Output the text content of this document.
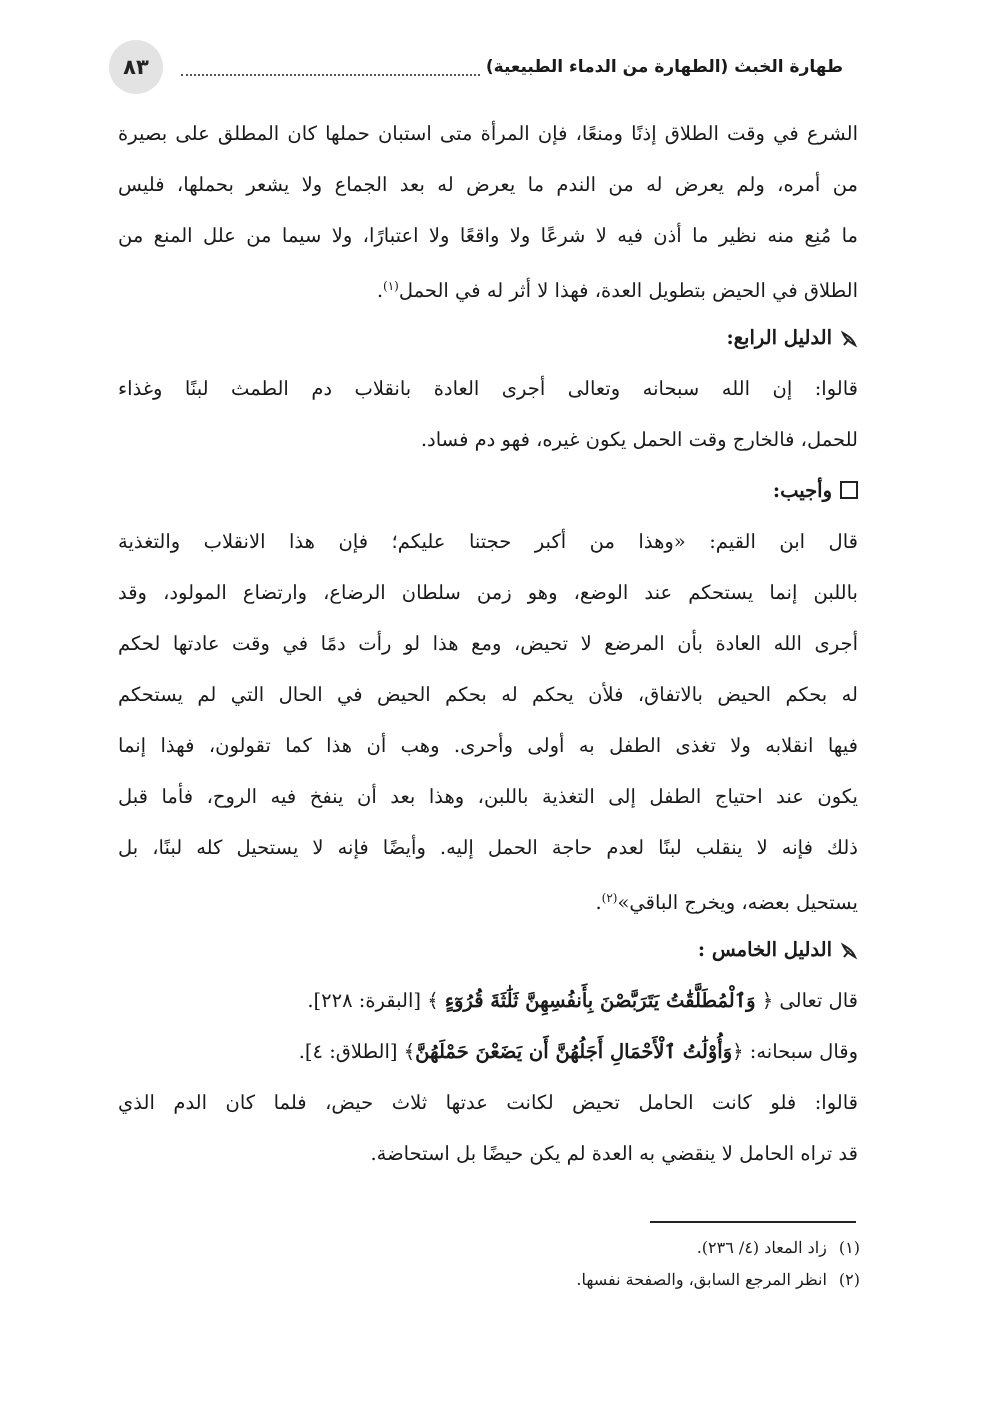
٨٣	طهارة الخبث (الطهارة من الدماء الطبيعية)
الشرع في وقت الطلاق إذنًا ومنعًا، فإن المرأة متى استبان حملها كان المطلق على بصيرة
من أمره، ولم يعرض له من الندم ما يعرض له بعد الجماع ولا يشعر بحملها، فليس
ما مُنِع منه نظير ما أذن فيه لا شرعًا ولا واقعًا ولا اعتبارًا، ولا سيما من علل المنع من
الطلاق في الحيض بتطويل العدة، فهذا لا أثر له في الحمل$^{(١)}$.
الدليل الرابع:
قالوا: إن الله سبحانه وتعالى أجرى العادة بانقلاب دم الطمث لبنًا وغذاء
للحمل، فالخارج وقت الحمل يكون غيره، فهو دم فساد.
وأجيب:
قال ابن القيم: «وهذا من أكبر حجتنا عليكم؛ فإن هذا الانقلاب والتغذية
باللبن إنما يستحكم عند الوضع، وهو زمن سلطان الرضاع، وارتضاع المولود، وقد
أجرى الله العادة بأن المرضع لا تحيض، ومع هذا لو رأت دمًا في وقت عادتها لحكم
له بحكم الحيض بالاتفاق، فلأن يحكم له بحكم الحيض في الحال التي لم يستحكم
فيها انقلابه ولا تغذى الطفل به أولى وأحرى. وهب أن هذا كما تقولون، فهذا إنما
يكون عند احتياج الطفل إلى التغذية باللبن، وهذا بعد أن ينفخ فيه الروح، فأما قبل
ذلك فإنه لا ينقلب لبنًا لعدم حاجة الحمل إليه. وأيضًا فإنه لا يستحيل كله لبنًا، بل
يستحيل بعضه، ويخرج الباقي»$^{(٢)}$.
الدليل الخامس :
قال تعالى ﴿ وَٱلْمُطَلَّقَٰتُ يَتَرَبَّصْنَ بِأَنفُسِهِنَّ ثَلَٰثَةَ قُرُوٓءٍ ﴾ [البقرة: ٢٢٨].
وقال سبحانه: ﴿وَأُوْلَٰتُ ٱلْأَحْمَالِ أَجَلُهُنَّ أَن يَضَعْنَ حَمْلَهُنَّ﴾ [الطلاق: ٤].
قالوا: فلو كانت الحامل تحيض لكانت عدتها ثلاث حيض، فلما كان الدم الذي
قد تراه الحامل لا ينقضي به العدة لم يكن حيضًا بل استحاضة.
(١)زاد المعاد (٤/ ٢٣٦).
(٢)انظر المرجع السابق، والصفحة نفسها.
